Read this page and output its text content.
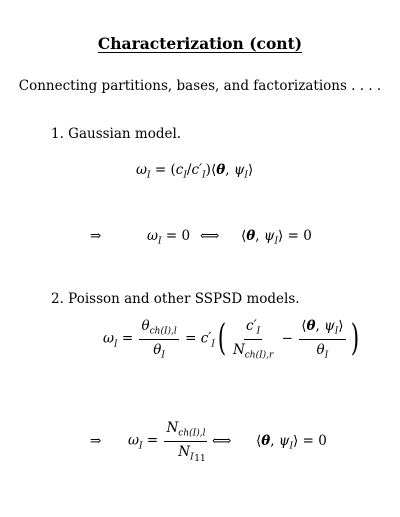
Characterization (cont)
Connecting partitions, bases, and factorizations . . . .
1. Gaussian model.
$\omega_I$ = $(c_I/c'_I)⟨\theta$, $\psi_I⟩$
⇒	$\omega_I = 0$ ⟺ ⟨θ, $\psi_I⟩ = 0$
2. Poisson and other SSPSD models.
$\omega_I = \frac{\theta_{ch(I),l}}{\theta_I} = c'_I( \frac{c'_I}{N_{ch(I),r}} - \frac{⟨\theta, \psi_I⟩}{\theta_I}$ )
⇒ $\omega_I = \frac{N_{ch(I),l}}{N_I}$ ⟺ ⟨θ, $\psi_I⟩ = 0$
11
